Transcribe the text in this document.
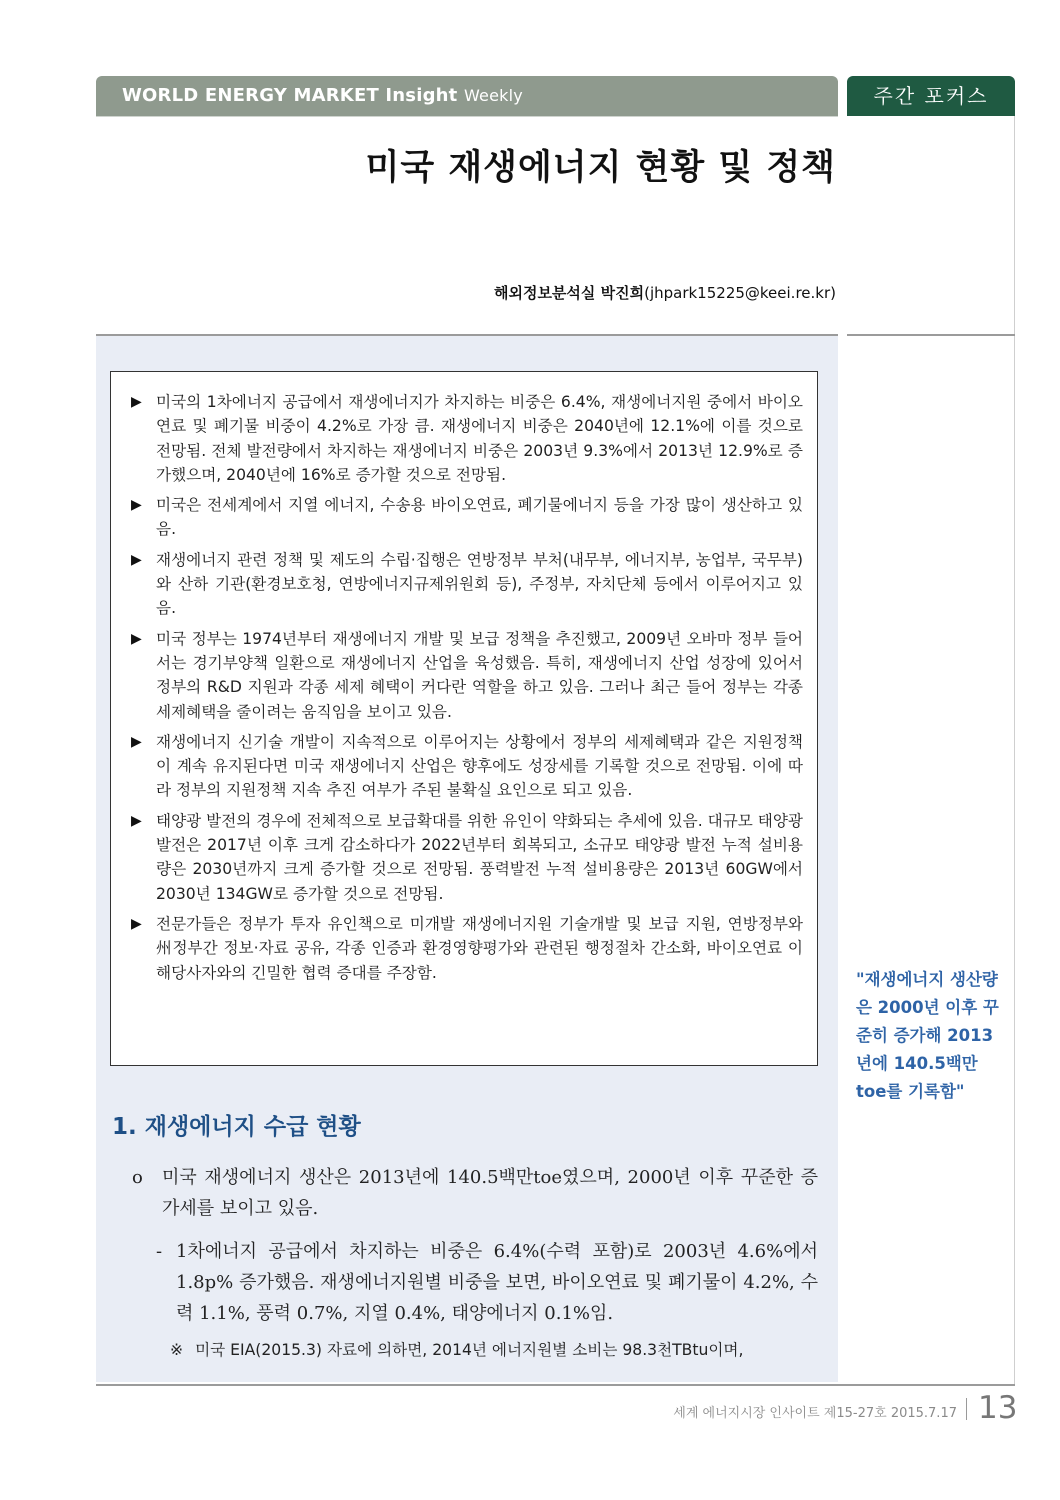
WORLD ENERGY MARKET Insight Weekly	주간 포커스
미국 재생에너지 현황 및 정책
해외정보분석실 박진희(jhpark15225@keei.re.kr)
▶ 미국의 1차에너지 공급에서 재생에너지가 차지하는 비중은 6.4%, 재생에너지원 중에서 바이오연료 및 폐기물 비중이 4.2%로 가장 큼. 재생에너지 비중은 2040년에 12.1%에 이를 것으로 전망됨. 전체 발전량에서 차지하는 재생에너지 비중은 2003년 9.3%에서 2013년 12.9%로 증가했으며, 2040년에 16%로 증가할 것으로 전망됨.
▶ 미국은 전세계에서 지열 에너지, 수송용 바이오연료, 폐기물에너지 등을 가장 많이 생산하고 있음.
▶ 재생에너지 관련 정책 및 제도의 수립·집행은 연방정부 부처(내무부, 에너지부, 농업부, 국무부)와 산하 기관(환경보호청, 연방에너지규제위원회 등), 주정부, 자치단체 등에서 이루어지고 있음.
▶ 미국 정부는 1974년부터 재생에너지 개발 및 보급 정책을 추진했고, 2009년 오바마 정부 들어서는 경기부양책 일환으로 재생에너지 산업을 육성했음. 특히, 재생에너지 산업 성장에 있어서 정부의 R&D 지원과 각종 세제 혜택이 커다란 역할을 하고 있음. 그러나 최근 들어 정부는 각종 세제혜택을 줄이려는 움직임을 보이고 있음.
▶ 재생에너지 신기술 개발이 지속적으로 이루어지는 상황에서 정부의 세제혜택과 같은 지원정책이 계속 유지된다면 미국 재생에너지 산업은 향후에도 성장세를 기록할 것으로 전망됨. 이에 따라 정부의 지원정책 지속 추진 여부가 주된 불확실 요인으로 되고 있음.
▶ 태양광 발전의 경우에 전체적으로 보급확대를 위한 유인이 약화되는 추세에 있음. 대규모 태양광 발전은 2017년 이후 크게 감소하다가 2022년부터 회복되고, 소규모 태양광 발전 누적 설비용량은 2030년까지 크게 증가할 것으로 전망됨. 풍력발전 누적 설비용량은 2013년 60GW에서 2030년 134GW로 증가할 것으로 전망됨.
▶ 전문가들은 정부가 투자 유인책으로 미개발 재생에너지원 기술개발 및 보급 지원, 연방정부와 州정부간 정보·자료 공유, 각종 인증과 환경영향평가와 관련된 행정절차 간소화, 바이오연료 이해당사자와의 긴밀한 협력 증대를 주장함.
1. 재생에너지 수급 현황
o	미국 재생에너지 생산은 2013년에 140.5백만toe였으며, 2000년 이후 꾸준한 증가세를 보이고 있음.
- 1차에너지 공급에서 차지하는 비중은 6.4%(수력 포함)로 2003년 4.6%에서 1.8p% 증가했음. 재생에너지원별 비중을 보면, 바이오연료 및 폐기물이 4.2%, 수력 1.1%, 풍력 0.7%, 지열 0.4%, 태양에너지 0.1%임.
※ 미국 EIA(2015.3) 자료에 의하면, 2014년 에너지원별 소비는 98.3천TBtu이며,
"재생에너지 생산량은 2000년 이후 꾸준히 증가해 2013년에 140.5백만toe를 기록함"
세계 에너지시장 인사이트 제15-27호 2015.7.17 13
